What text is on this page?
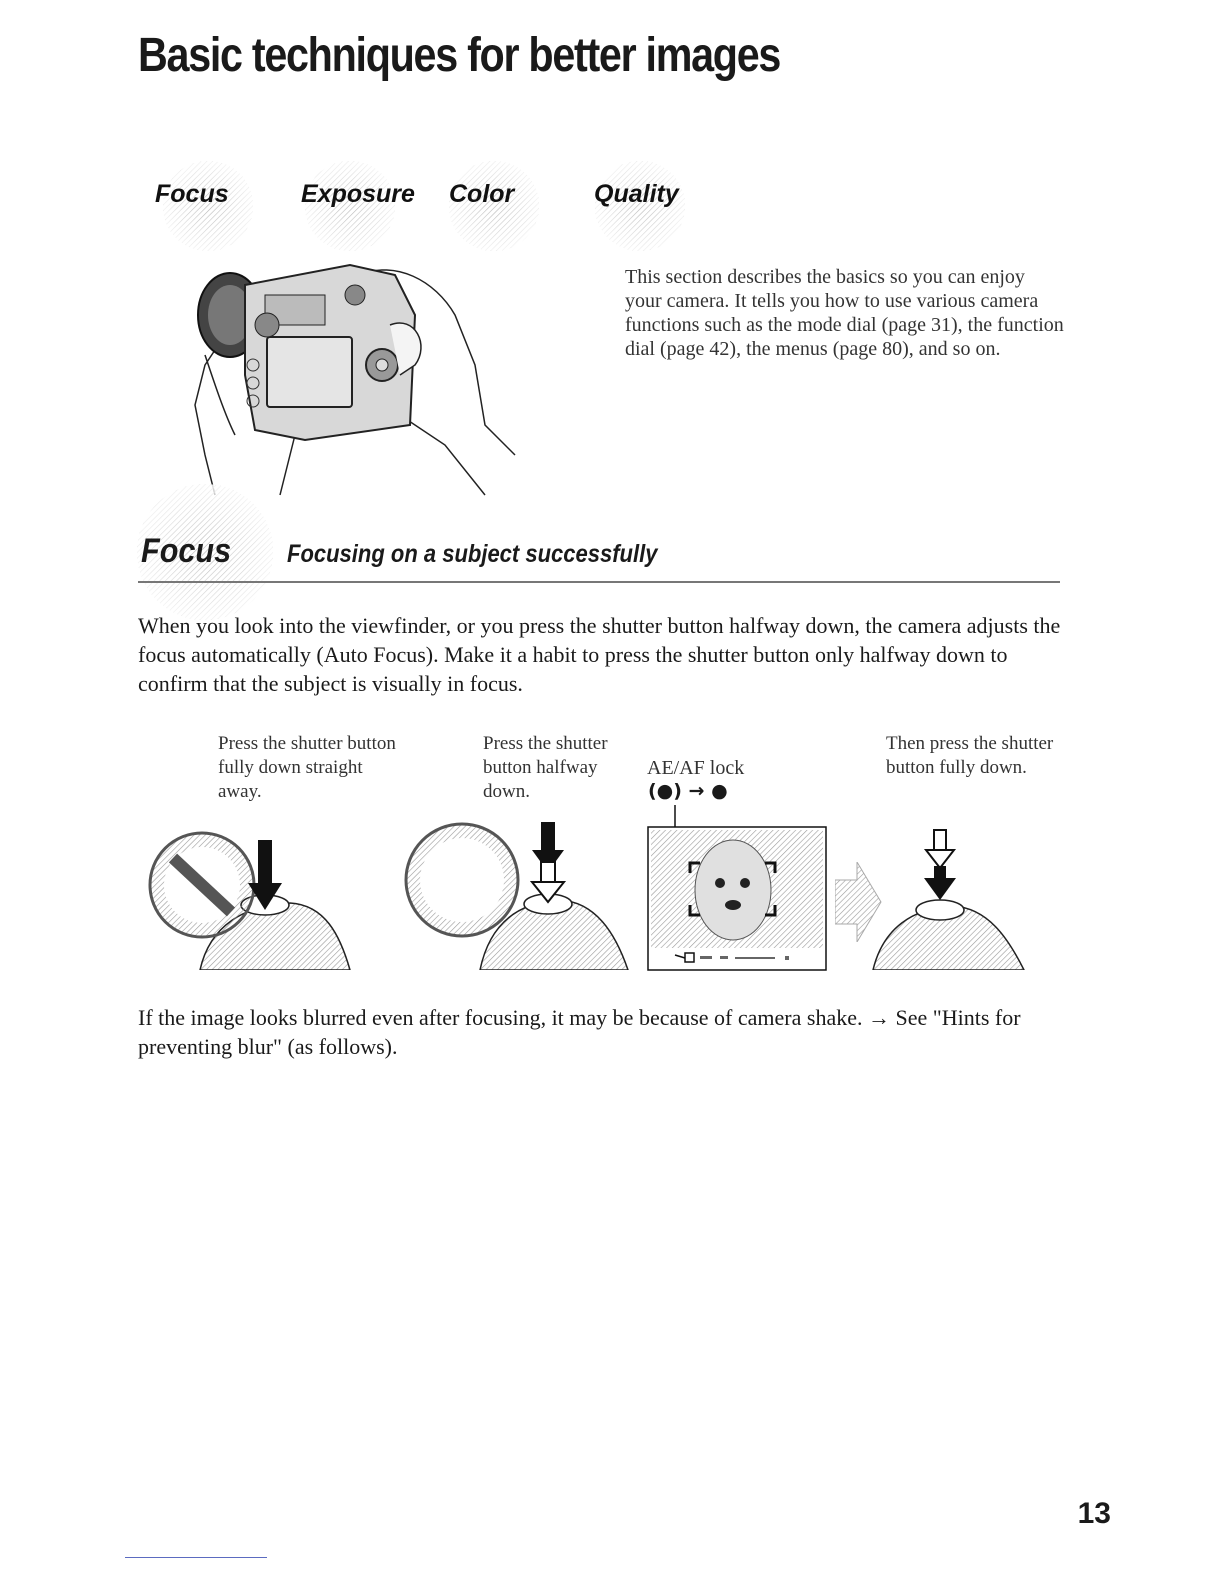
Basic techniques for better images
Focus	Exposure Color	Quality

This section describes the basics so you can enjoy your camera. It tells you how to use various camera functions such as the mode dial (page 31), the function dial (page 42), the menus (page 80), and so on.

Focus Focusing on a subject successfully

When you look into the viewfinder, or you press the shutter button halfway down, the camera adjusts the focus automatically (Auto Focus). Make it a habit to press the shutter button only halfway down to confirm that the subject is visually in focus.

Press the shutter button fully down straight away.
Press the shutter button halfway down.
AE/AF lock
(●) → ●
Then press the shutter button fully down.

If the image looks blurred even after focusing, it may be because of camera shake. → See "Hints for preventing blur" (as follows).

13
